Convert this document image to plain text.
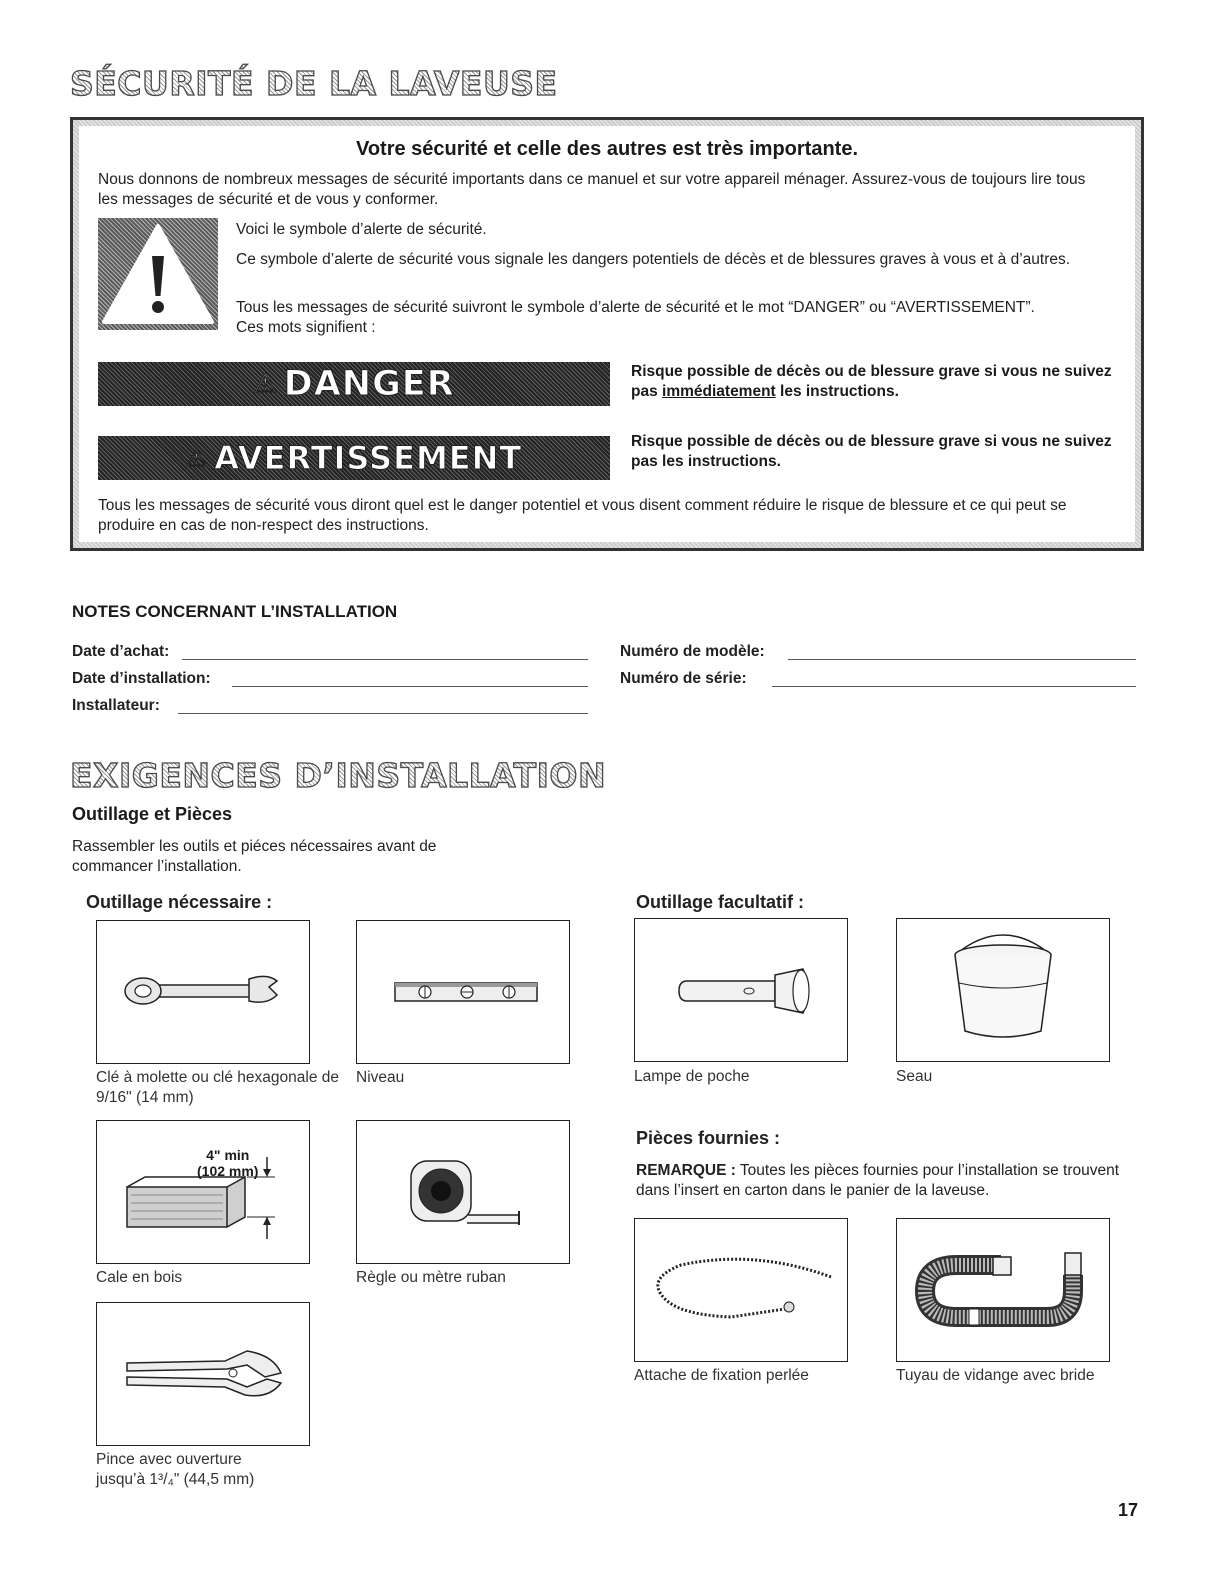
SÉCURITÉ DE LA LAVEUSE
Votre sécurité et celle des autres est très importante.
Nous donnons de nombreux messages de sécurité importants dans ce manuel et sur votre appareil ménager. Assurez-vous de toujours lire tous les messages de sécurité et de vous y conformer.
Voici le symbole d’alerte de sécurité.
Ce symbole d’alerte de sécurité vous signale les dangers potentiels de décès et de blessures graves à vous et à d’autres.
Tous les messages de sécurité suivront le symbole d’alerte de sécurité et le mot “DANGER” ou “AVERTISSEMENT”. Ces mots signifient :
⚠ DANGER	Risque possible de décès ou de blessure grave si vous ne suivez pas immédiatement les instructions.
⚠ AVERTISSEMENT	Risque possible de décès ou de blessure grave si vous ne suivez pas les instructions.
Tous les messages de sécurité vous diront quel est le danger potentiel et vous disent comment réduire le risque de blessure et ce qui peut se produire en cas de non-respect des instructions.
NOTES CONCERNANT L’INSTALLATION
Date d’achat:
Date d’installation:
Installateur:
Numéro de modèle:
Numéro de série:
EXIGENCES D’INSTALLATION
Outillage et Pièces
Rassembler les outils et piéces nécessaires avant de commancer l’installation.
Outillage nécessaire :	Outillage facultatif :
Clé à molette ou clé hexagonale de 9/16" (14 mm)
Niveau	Lampe de poche	Seau
4" min
(102 mm)
Cale en bois	Règle ou mètre ruban
Pièces fournies :
REMARQUE : Toutes les pièces fournies pour l’installation se trouvent dans l’insert en carton dans le panier de la laveuse.
Attache de fixation perlée	Tuyau de vidange avec bride
Pince avec ouverture
jusqu’à 1³/₄" (44,5 mm)
17
